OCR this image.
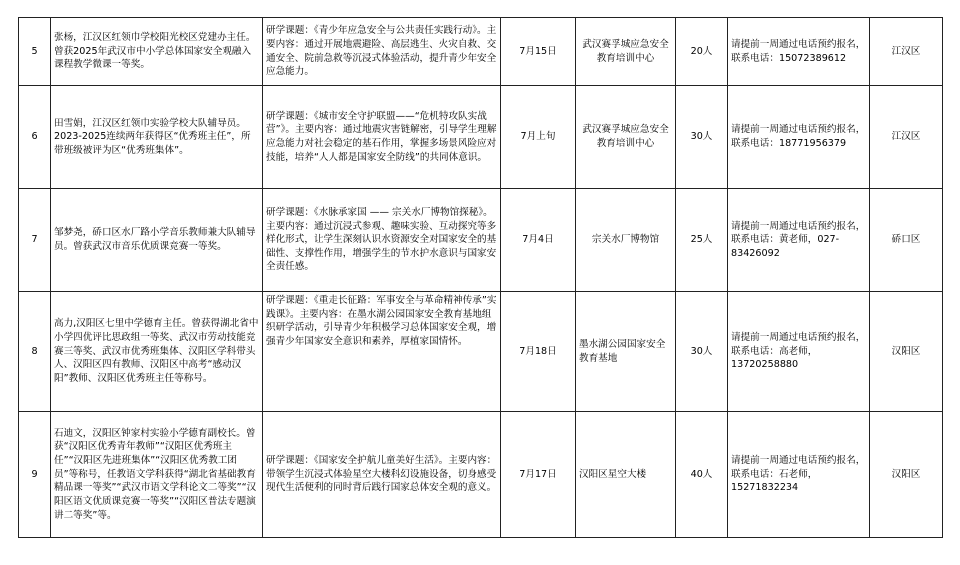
5	张杨，江汉区红领巾学校阳光校区党建办主任。曾获2025年武汉市中小学总体国家安全观融入课程教学微课一等奖。	研学课题：《青少年应急安全与公共责任实践行动》。主要内容：通过开展地震避险、高层逃生、火灾自救、交通安全、院前急救等沉浸式体验活动，提升青少年安全应急能力。	7月15日	武汉赛孚城应急安全教育培训中心	20人	请提前一周通过电话预约报名，联系电话：15072389612	江汉区
6	田雪娟，江汉区红领巾实验学校大队辅导员。2023-2025连续两年获得区“优秀班主任”，所带班级被评为区“优秀班集体”。	研学课题：《城市安全守护联盟——“危机特攻队实战营”》。主要内容：通过地震灾害链解密，引导学生理解应急能力对社会稳定的基石作用，掌握多场景风险应对技能，培养“人人都是国家安全防线”的共同体意识。	7月上旬	武汉赛孚城应急安全教育培训中心	30人	请提前一周通过电话预约报名，联系电话：18771956379	江汉区
7	邹梦尧，硚口区水厂路小学音乐教师兼大队辅导员。曾获武汉市音乐优质课竞赛一等奖。	研学课题：《水脉承家国 —— 宗关水厂博物馆探秘》。主要内容：通过沉浸式参观、趣味实验、互动探究等多样化形式，让学生深刻认识水资源安全对国家安全的基础性、支撑性作用，增强学生的节水护水意识与国家安全责任感。	7月4日	宗关水厂博物馆	25人	请提前一周通过电话预约报名，联系电话：黄老师，027-83426092	硚口区
8	高力,汉阳区七里中学德育主任。曾获得湖北省中小学四优评比思政组一等奖、武汉市劳动技能竞赛三等奖、武汉市优秀班集体、汉阳区学科带头人、汉阳区四有教师、汉阳区中高考“感动汉阳”教师、汉阳区优秀班主任等称号。	研学课题：《重走长征路：军事安全与革命精神传承”实践课》。主要内容：在墨水湖公园国家安全教育基地组织研学活动，引导青少年积极学习总体国家安全观，增强青少年国家安全意识和素养，厚植家国情怀。	7月18日	墨水湖公园国家安全教育基地	30人	请提前一周通过电话预约报名，联系电话：高老师，13720258880	汉阳区
9	石迪文，汉阳区钟家村实验小学德育副校长。曾获“汉阳区优秀青年教师”“汉阳区优秀班主任”“汉阳区先进班集体”“汉阳区优秀教工团员”等称号，任教语文学科获得“湖北省基础教育精品课一等奖”“武汉市语文学科论文二等奖”“汉阳区语文优质课竞赛一等奖”“汉阳区普法专题演讲二等奖”等。	研学课题：《国家安全护航儿童美好生活》。主要内容：带领学生沉浸式体验星空大楼科幻设施设备，切身感受现代生活便利的同时背后践行国家总体安全观的意义。	7月17日	汉阳区星空大楼	40人	请提前一周通过电话预约报名，联系电话：石老师，15271832234	汉阳区
